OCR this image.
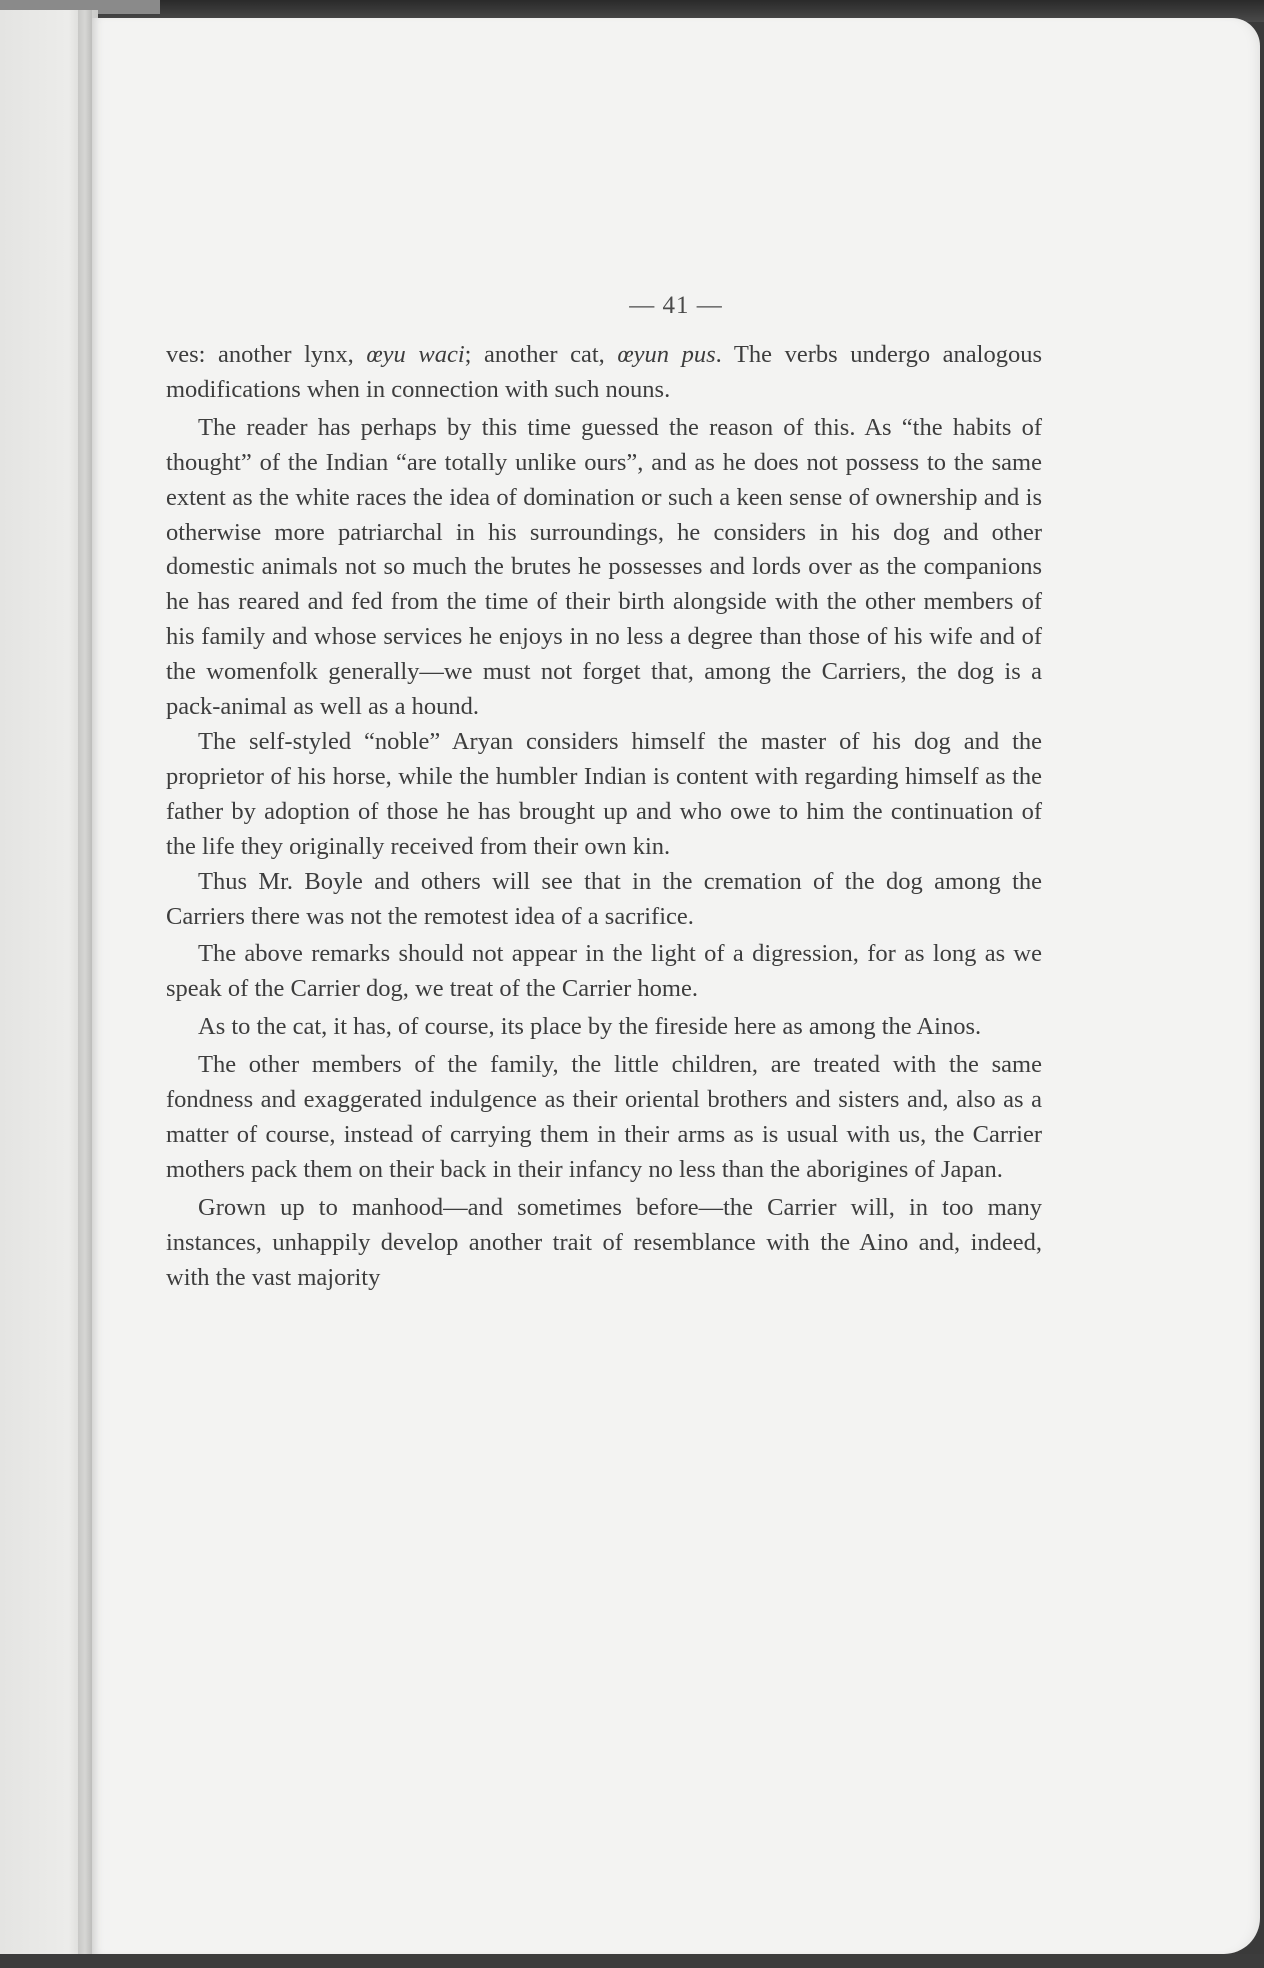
— 41 —

ves: another lynx, œyu waci; another cat, œyun pus. The verbs undergo analogous modifications when in connection with such nouns.

The reader has perhaps by this time guessed the reason of this. As “the habits of thought” of the Indian “are totally unlike ours”, and as he does not possess to the same extent as the white races the idea of domination or such a keen sense of ownership and is otherwise more patriarchal in his surroundings, he considers in his dog and other domestic animals not so much the brutes he possesses and lords over as the companions he has reared and fed from the time of their birth alongside with the other members of his family and whose services he enjoys in no less a degree than those of his wife and of the womenfolk generally—we must not forget that, among the Carriers, the dog is a pack-animal as well as a hound.

The self-styled “noble” Aryan considers himself the master of his dog and the proprietor of his horse, while the humbler Indian is content with regarding himself as the father by adoption of those he has brought up and who owe to him the continuation of the life they originally received from their own kin.

Thus Mr. Boyle and others will see that in the cremation of the dog among the Carriers there was not the remotest idea of a sacrifice.

The above remarks should not appear in the light of a digression, for as long as we speak of the Carrier dog, we treat of the Carrier home.

As to the cat, it has, of course, its place by the fireside here as among the Ainos.

The other members of the family, the little children, are treated with the same fondness and exaggerated indulgence as their oriental brothers and sisters and, also as a matter of course, instead of carrying them in their arms as is usual with us, the Carrier mothers pack them on their back in their infancy no less than the aborigines of Japan.

Grown up to manhood—and sometimes before—the Carrier will, in too many instances, unhappily develop another trait of resemblance with the Aino and, indeed, with the vast majority
